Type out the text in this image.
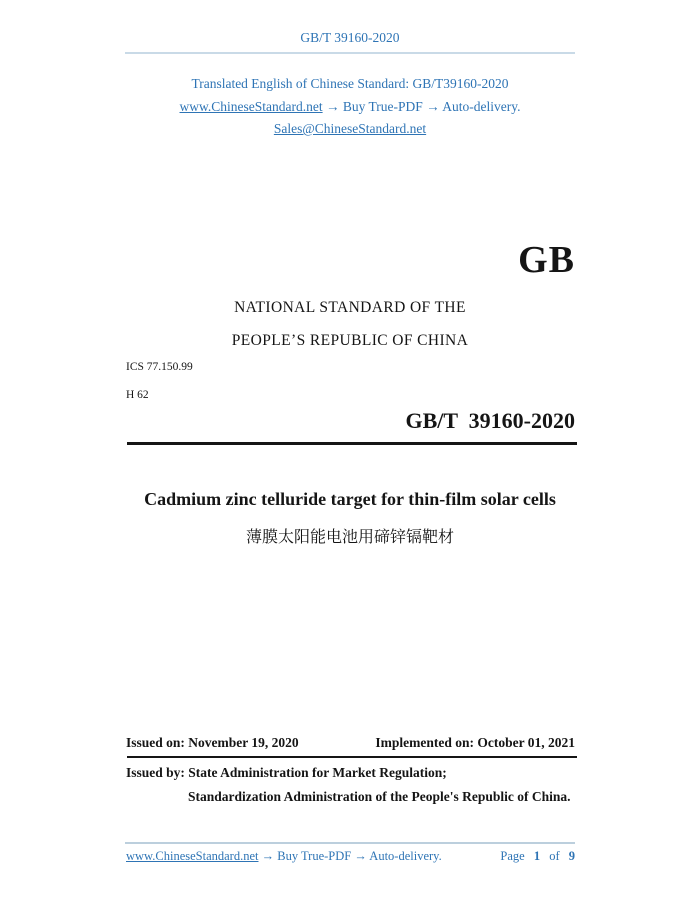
GB/T 39160-2020
Translated English of Chinese Standard: GB/T39160-2020
www.ChineseStandard.net → Buy True-PDF → Auto-delivery.
Sales@ChineseStandard.net
GB
NATIONAL STANDARD OF THE
PEOPLE’S REPUBLIC OF CHINA
ICS 77.150.99
H 62
GB/T  39160-2020
Cadmium zinc telluride target for thin-film solar cells
薄膜太阳能电池用碲锌镉靶材
Issued on: November 19, 2020	Implemented on: October 01, 2021
Issued by: State Administration for Market Regulation;
Standardization Administration of the People's Republic of China.
www.ChineseStandard.net → Buy True-PDF → Auto-delivery.	Page 1 of 9
